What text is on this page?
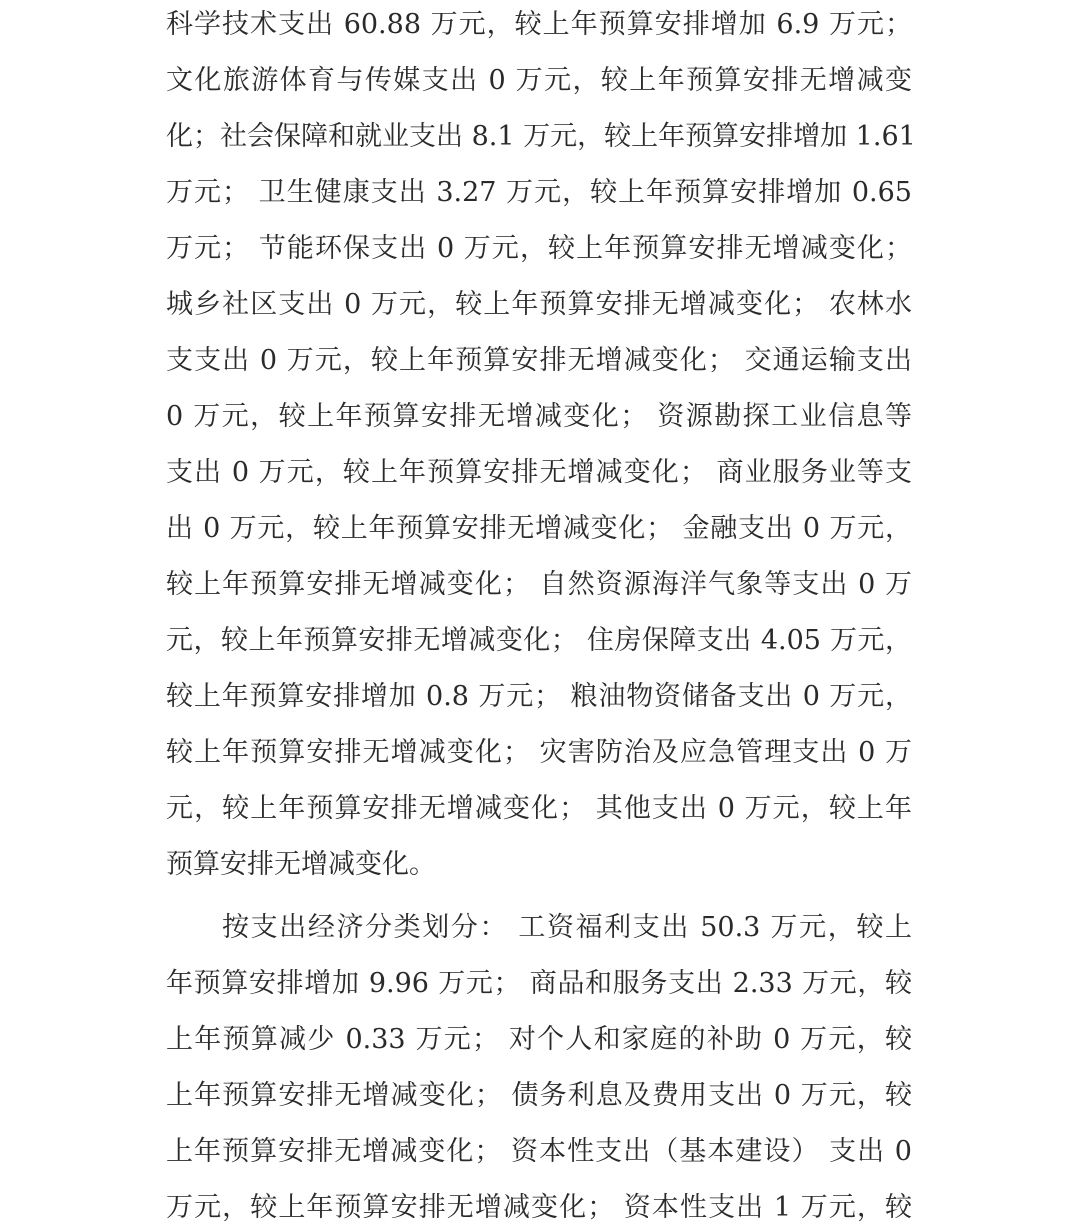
科学技术支出 60.88 万元，较上年预算安排增加 6.9 万元；
文化旅游体育与传媒支出 0 万元，较上年预算安排无增减变
化；社会保障和就业支出 8.1 万元，较上年预算安排增加 1.61
万元； 卫生健康支出 3.27 万元，较上年预算安排增加 0.65
万元； 节能环保支出 0 万元，较上年预算安排无增减变化；
城乡社区支出 0 万元，较上年预算安排无增减变化； 农林水
支支出 0 万元，较上年预算安排无增减变化； 交通运输支出
0 万元，较上年预算安排无增减变化； 资源勘探工业信息等
支出 0 万元，较上年预算安排无增减变化； 商业服务业等支
出 0 万元，较上年预算安排无增减变化； 金融支出 0 万元，
较上年预算安排无增减变化； 自然资源海洋气象等支出 0 万
元，较上年预算安排无增减变化； 住房保障支出 4.05 万元，
较上年预算安排增加 0.8 万元； 粮油物资储备支出 0 万元，
较上年预算安排无增减变化； 灾害防治及应急管理支出 0 万
元，较上年预算安排无增减变化； 其他支出 0 万元，较上年
预算安排无增减变化。
按支出经济分类划分： 工资福利支出 50.3 万元，较上
年预算安排增加 9.96 万元； 商品和服务支出 2.33 万元，较
上年预算减少 0.33 万元； 对个人和家庭的补助 0 万元，较
上年预算安排无增减变化； 债务利息及费用支出 0 万元，较
上年预算安排无增减变化； 资本性支出（基本建设） 支出 0
万元，较上年预算安排无增减变化； 资本性支出 1 万元，较
